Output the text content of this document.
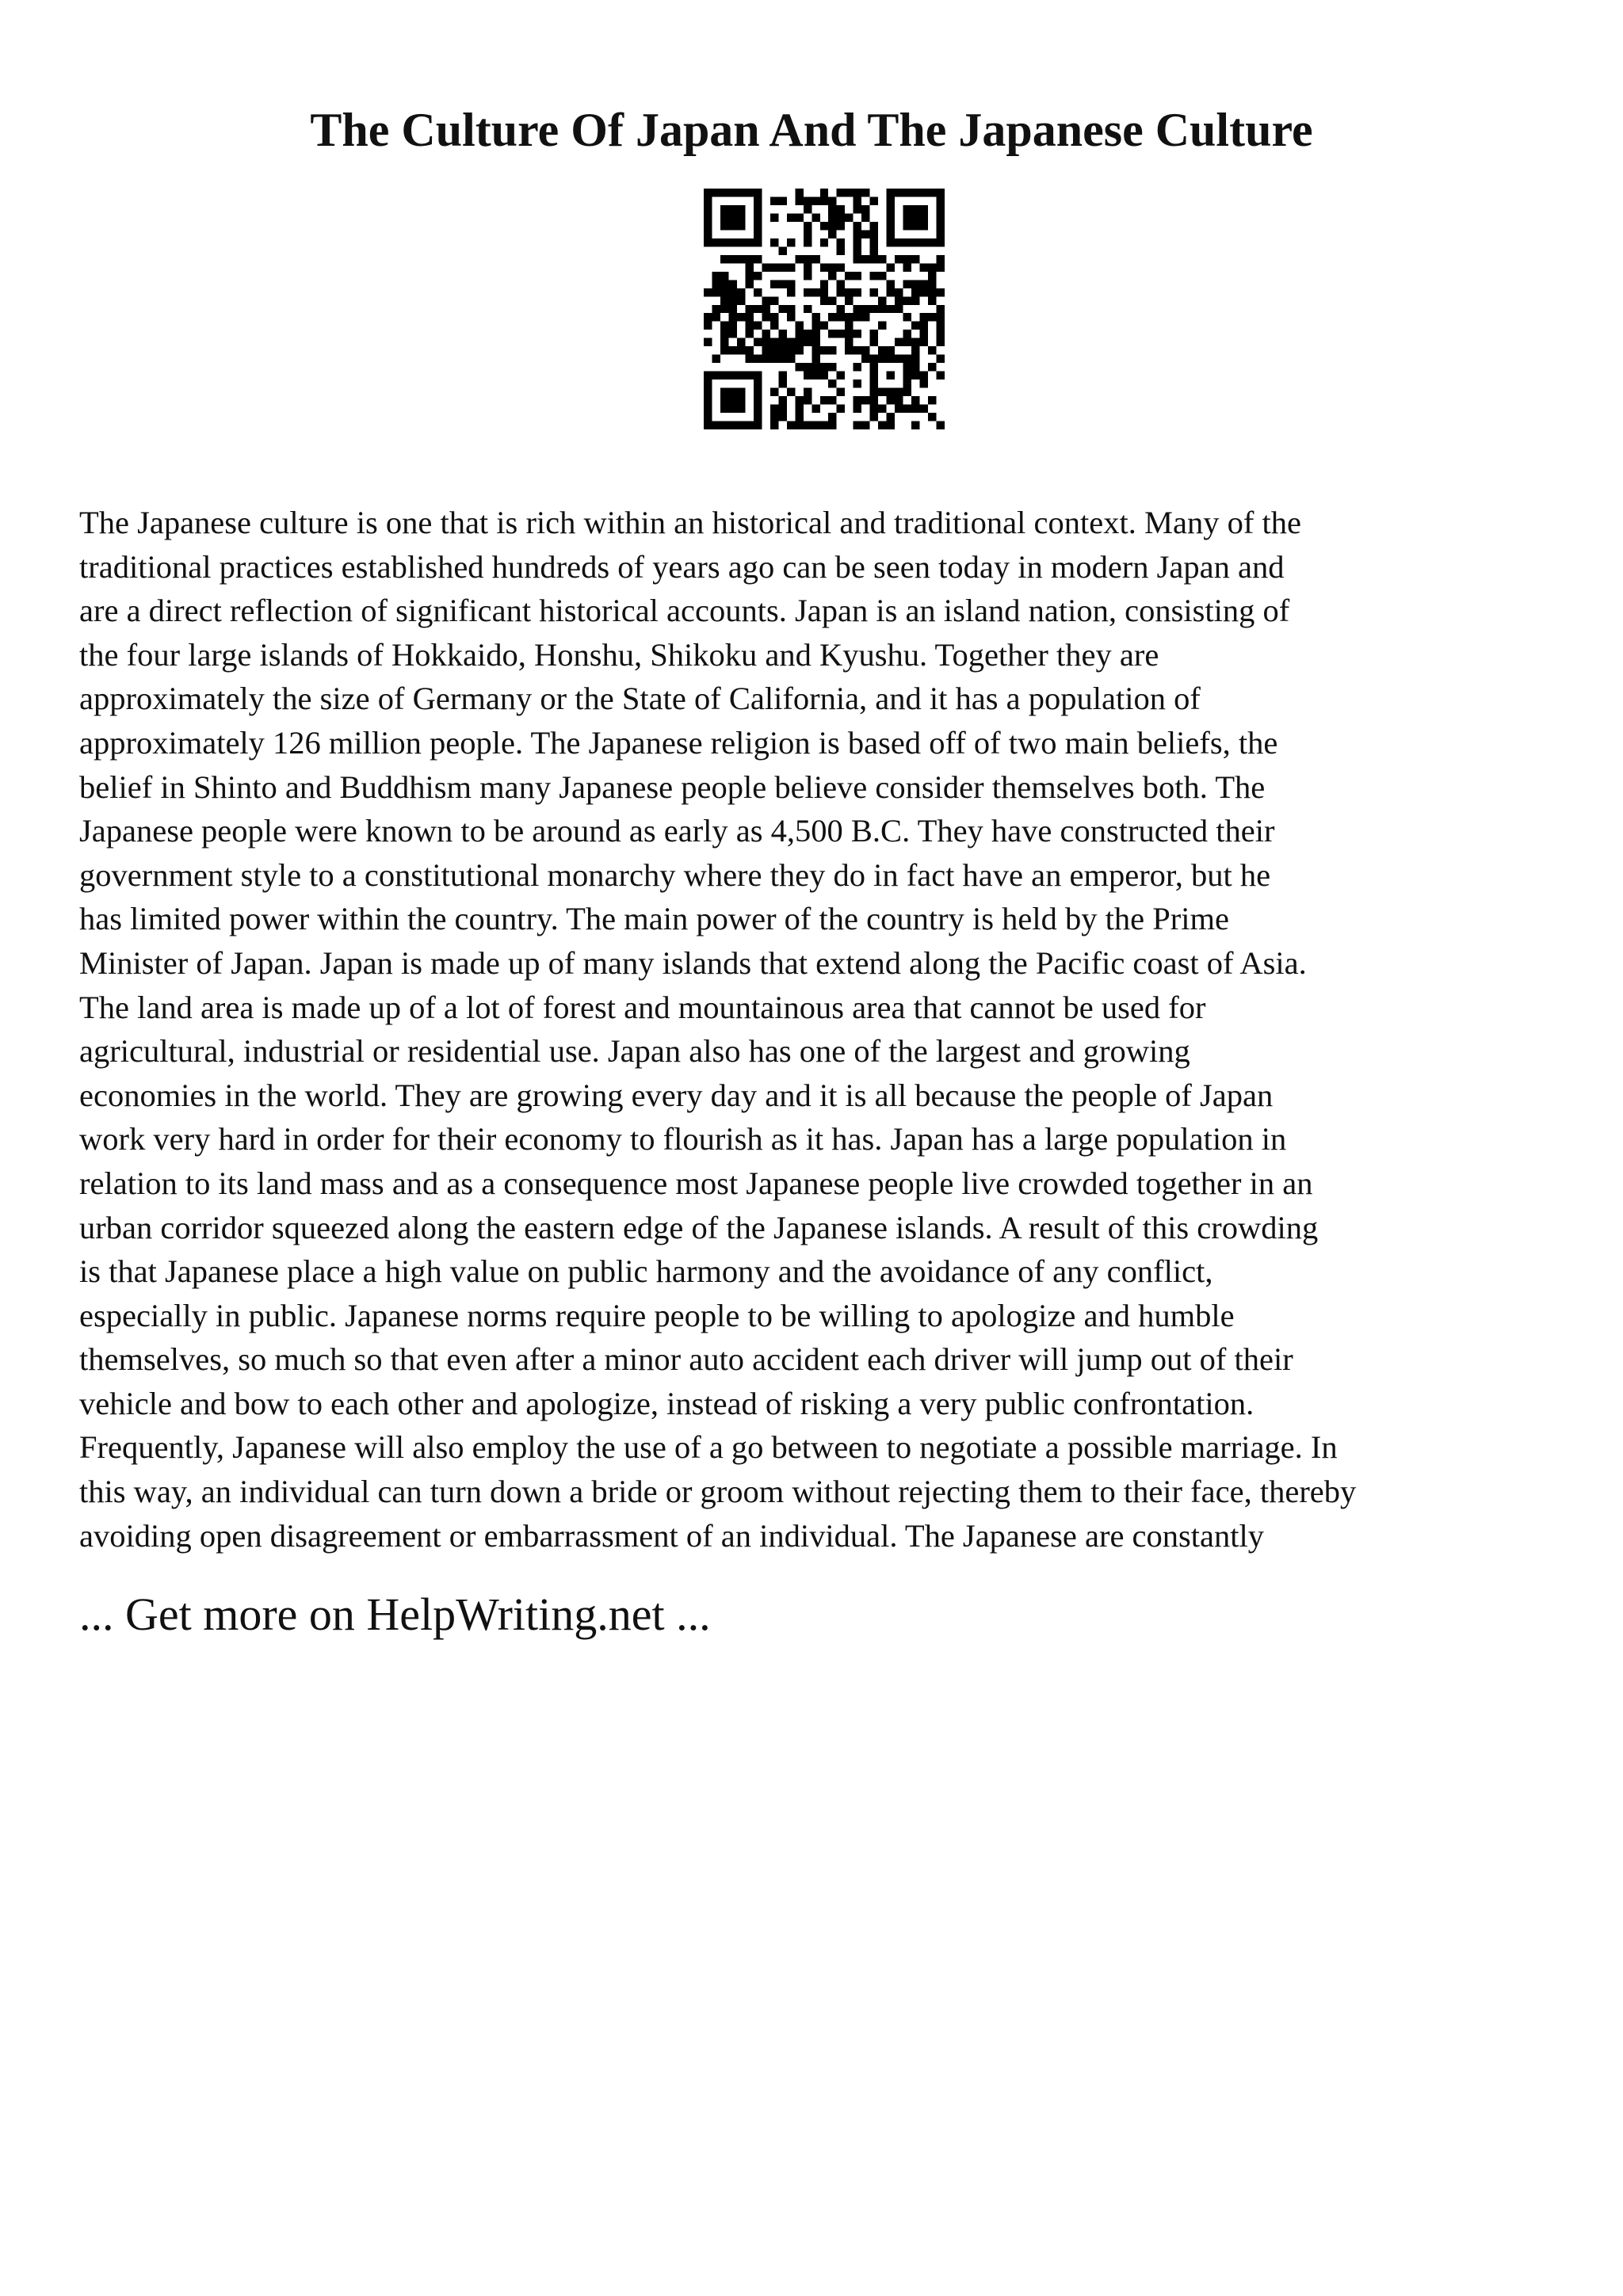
The Culture Of Japan And The Japanese Culture
The Japanese culture is one that is rich within an historical and traditional context. Many of the
traditional practices established hundreds of years ago can be seen today in modern Japan and
are a direct reflection of significant historical accounts. Japan is an island nation, consisting of
the four large islands of Hokkaido, Honshu, Shikoku and Kyushu. Together they are
approximately the size of Germany or the State of California, and it has a population of
approximately 126 million people. The Japanese religion is based off of two main beliefs, the
belief in Shinto and Buddhism many Japanese people believe consider themselves both. The
Japanese people were known to be around as early as 4,500 B.C. They have constructed their
government style to a constitutional monarchy where they do in fact have an emperor, but he
has limited power within the country. The main power of the country is held by the Prime
Minister of Japan. Japan is made up of many islands that extend along the Pacific coast of Asia.
The land area is made up of a lot of forest and mountainous area that cannot be used for
agricultural, industrial or residential use. Japan also has one of the largest and growing
economies in the world. They are growing every day and it is all because the people of Japan
work very hard in order for their economy to flourish as it has. Japan has a large population in
relation to its land mass and as a consequence most Japanese people live crowded together in an
urban corridor squeezed along the eastern edge of the Japanese islands. A result of this crowding
is that Japanese place a high value on public harmony and the avoidance of any conflict,
especially in public. Japanese norms require people to be willing to apologize and humble
themselves, so much so that even after a minor auto accident each driver will jump out of their
vehicle and bow to each other and apologize, instead of risking a very public confrontation.
Frequently, Japanese will also employ the use of a go between to negotiate a possible marriage. In
this way, an individual can turn down a bride or groom without rejecting them to their face, thereby
avoiding open disagreement or embarrassment of an individual. The Japanese are constantly
... Get more on HelpWriting.net ...
